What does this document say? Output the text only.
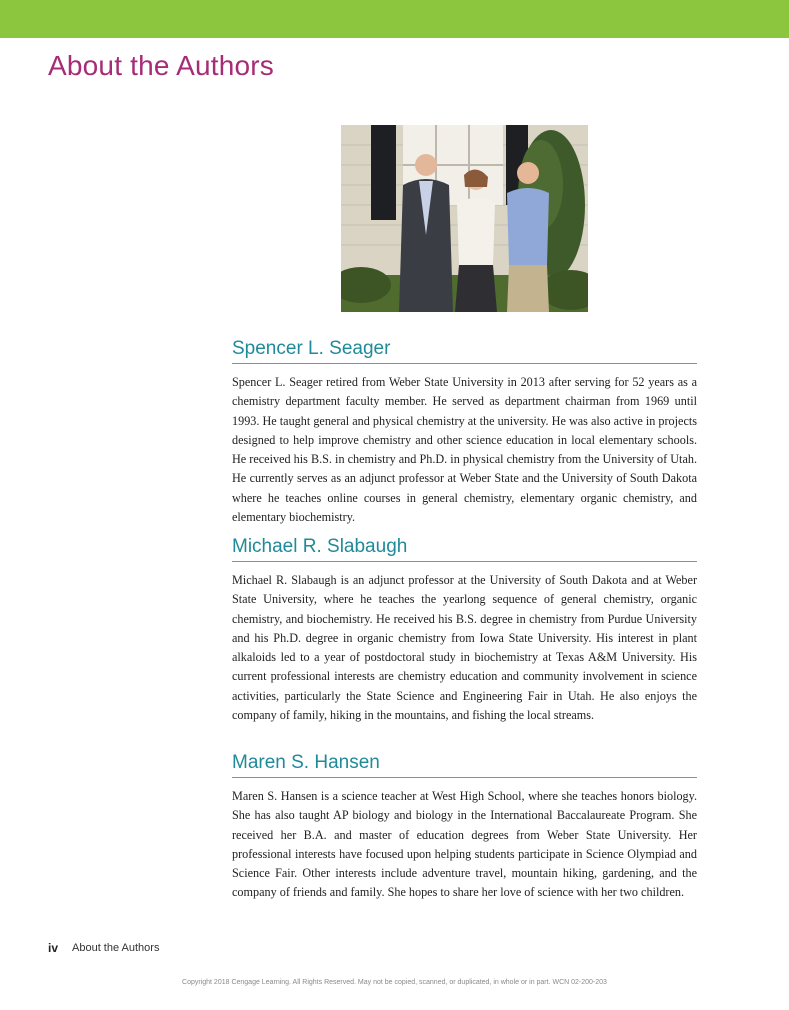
About the Authors
Spencer L. Seager

Spencer L. Seager retired from Weber State University in 2013 after serving for 52 years as a chemistry department faculty member. He served as department chairman from 1969 until 1993. He taught general and physical chemistry at the university. He was also active in projects designed to help improve chemistry and other science education in local elementary schools. He received his B.S. in chemistry and Ph.D. in physical chemistry from the University of Utah. He currently serves as an adjunct professor at Weber State and the University of South Dakota where he teaches online courses in general chemistry, elementary organic chemistry, and elementary biochemistry.

Michael R. Slabaugh

Michael R. Slabaugh is an adjunct professor at the University of South Dakota and at Weber State University, where he teaches the yearlong sequence of general chemistry, organic chemistry, and biochemistry. He received his B.S. degree in chemistry from Purdue University and his Ph.D. degree in organic chemistry from Iowa State University. His interest in plant alkaloids led to a year of postdoctoral study in biochemistry at Texas A&M University. His current professional interests are chemistry education and community involvement in science activities, particularly the State Science and Engineering Fair in Utah. He also enjoys the company of family, hiking in the mountains, and fishing the local streams.

Maren S. Hansen

Maren S. Hansen is a science teacher at West High School, where she teaches honors biology. She has also taught AP biology and biology in the International Baccalaureate Program. She received her B.A. and master of education degrees from Weber State University. Her professional interests have focused upon helping students participate in Science Olympiad and Science Fair. Other interests include adventure travel, mountain hiking, gardening, and the company of friends and family. She hopes to share her love of science with her two children.

iv About the Authors
Copyright 2018 Cengage Learning. All Rights Reserved. May not be copied, scanned, or duplicated, in whole or in part. WCN 02-200-203
